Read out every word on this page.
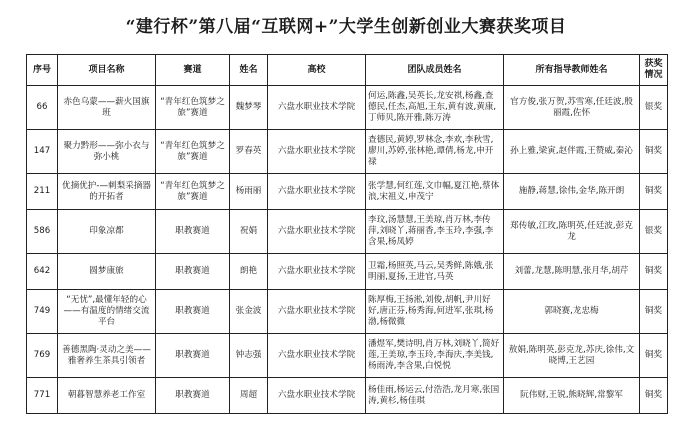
“建行杯”第八届“互联网+”大学生创新创业大赛获奖项目
序号	项目名称	赛道	姓名	高校	团队成员姓名	所有指导教师姓名	获奖情况
66	赤色乌蒙——薪火国旗班	“青年红色筑梦之旅”赛道	魏梦琴	六盘水职业技术学院	何运,陈鑫,吴英长,龙安祺,杨鑫,查德民,任杰,高旭,王东,黄有波,黄康,丁师贝,陈开雅,陈万涛	官方俊,张万贺,苏雪寒,任廷波,殷丽霞,佐怀	银奖
147	聚力黔形——弥小衣与弥小桃	“青年红色筑梦之旅”赛道	罗春英	六盘水职业技术学院	查德民,黄婷,罗林念,李欢,李秋雪,廖川,苏婷,张林艳,谭倩,杨龙,申开禄	孙上雅,梁寅,赵伴霞,王赞威,秦沁	铜奖
211	优摘优护-—刺梨采摘器的开拓者	“青年红色筑梦之旅”赛道	杨雨丽	六盘水职业技术学院	张学慧,何红莲,文巾幅,夏江艳,蔡体浪,宋祖义,申茂宁	施静,蒋慧,徐伟,金华,陈开朗	铜奖
586	印象凉都	职教赛道	祝娟	六盘水职业技术学院	李玟,汤慧慧,王美琼,肖万林,李传萍,刘晓丫,蒋丽香,李玉玲,李强,李含果,杨凤婷	郑传敏,江玫,陈明英,任廷波,彭克龙	银奖
642	圆梦康旅	职教赛道	朗艳	六盘水职业技术学院	卫霜,杨照英,马云,吴秀鲜,陈娥,张明丽,夏扬,王进官,马英	刘蕾,龙慧,陈明慧,张月华,胡芹	铜奖
749	“无忧”,最懂年轻的心 ——有温度的情绪交流平台	职教赛道	张金波	六盘水职业技术学院	陈厚梅,王扬淞,刘俊,胡帆,尹川好好,唐正芬,杨秀海,何进军,张琪,杨渤,杨微微	郭晓赛,龙忠梅	铜奖
769	善德黑陶·灵动之美——雅奢养生茶具引领者	职教赛道	钟志强	六盘水职业技术学院	潘煜军,樊诗明,肖万林,刘晓丫,简好莲,王美琼,李玉玲,李海庆,李美钱,杨雨涛,李含果,白悦悦	敖娟,陈明英,彭克龙,苏庆,徐伟,文晓博,王艺园	铜奖
771	朝暮智慧养老工作室	职教赛道	周超	六盘水职业技术学院	杨佳雨,杨运云,付浩浩,龙月寒,张国涛,黄杉,杨佳琪	阮伟财,王锐,熊晓辉,常黎军	铜奖
